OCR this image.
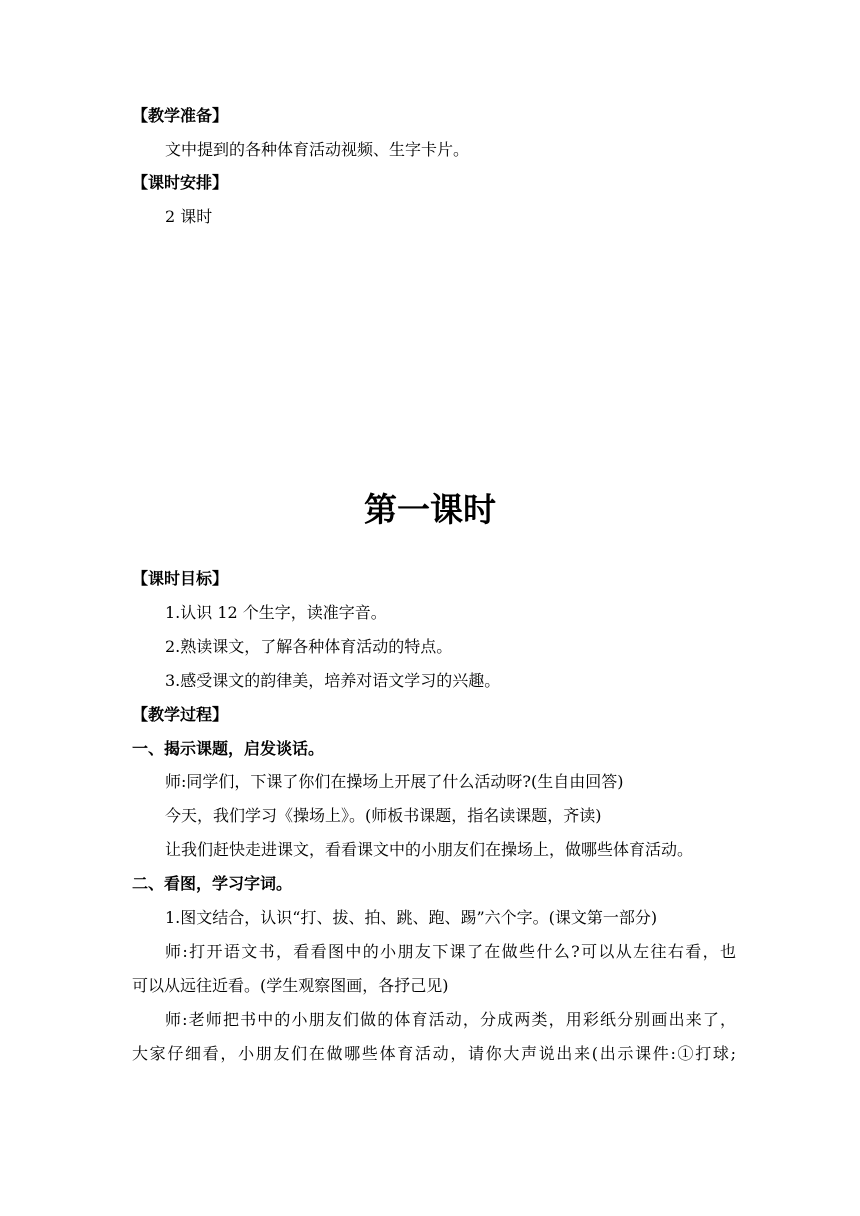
【教学准备】
文中提到的各种体育活动视频、生字卡片。
【课时安排】
2 课时
第一课时
【课时目标】
1.认识 12 个生字，读准字音。
2.熟读课文，了解各种体育活动的特点。
3.感受课文的韵律美，培养对语文学习的兴趣。
【教学过程】
一、揭示课题，启发谈话。
师:同学们，下课了你们在操场上开展了什么活动呀?(生自由回答)
今天，我们学习《操场上》。(师板书课题，指名读课题，齐读)
让我们赶快走进课文，看看课文中的小朋友们在操场上，做哪些体育活动。
二、看图，学习字词。
1.图文结合，认识“打、拔、拍、跳、跑、踢”六个字。(课文第一部分)
师:打开语文书，看看图中的小朋友下课了在做些什么?可以从左往右看，也
可以从远往近看。(学生观察图画，各抒己见)
师:老师把书中的小朋友们做的体育活动，分成两类，用彩纸分别画出来了，
大家仔细看，小朋友们在做哪些体育活动，请你大声说出来(出示课件:①打球;
